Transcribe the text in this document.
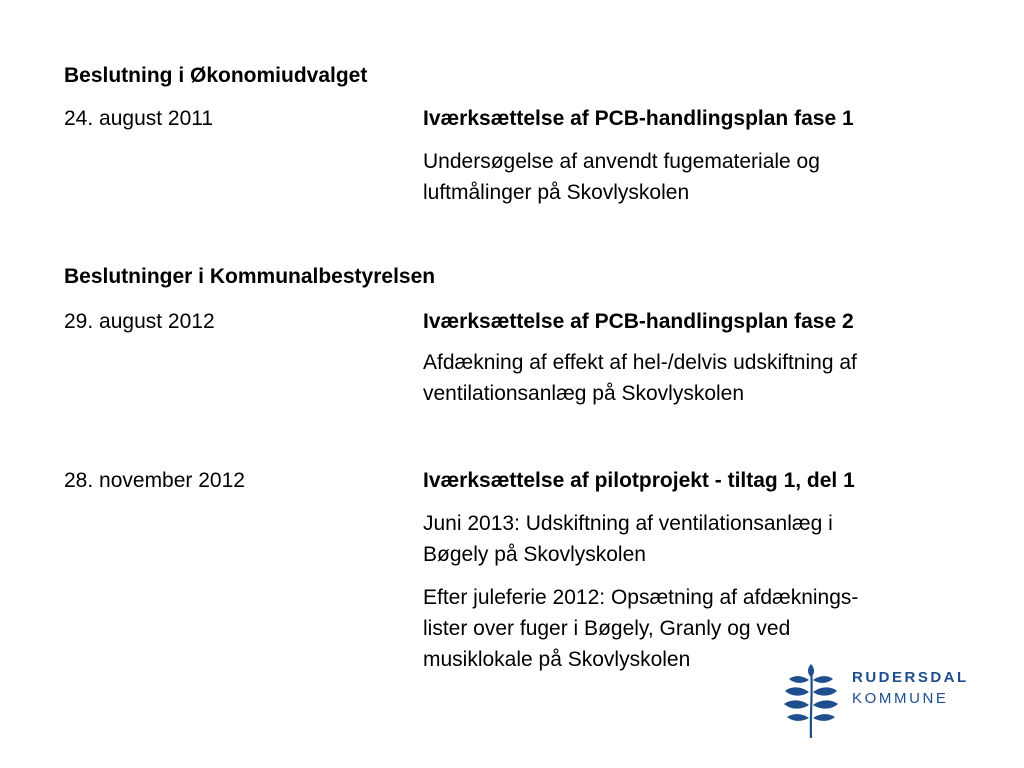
Beslutning i Økonomiudvalget

24. august 2011	Iværksættelse af PCB-handlingsplan fase 1

Undersøgelse af anvendt fugemateriale og

luftmålinger på Skovlyskolen

Beslutninger i Kommunalbestyrelsen

29. august 2012	Iværksættelse af PCB-handlingsplan fase 2

Afdækning af effekt af hel-/delvis udskiftning af

ventilationsanlæg på Skovlyskolen

28. november 2012	Iværksættelse af pilotprojekt - tiltag 1, del 1

Juni 2013: Udskiftning af ventilationsanlæg i

Bøgely på Skovlyskolen

Efter juleferie 2012: Opsætning af afdæknings-

lister over fuger i Bøgely, Granly og ved

musiklokale på Skovlyskolen

RUDERSDAL
KOMMUNE
